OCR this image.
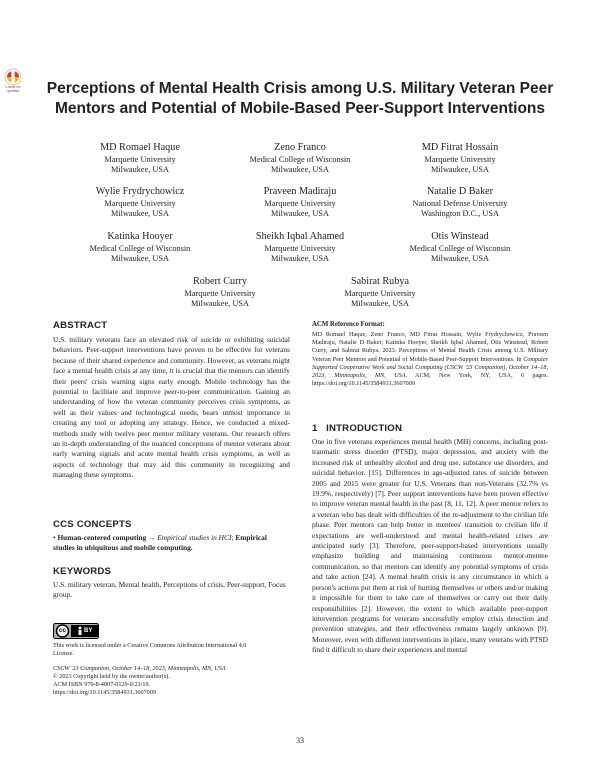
Check for updates	Perceptions of Mental Health Crisis among U.S. Military Veteran Peer Mentors and Potential of Mobile-Based Peer-Support Interventions
MD Romael Haque
Marquette University
Milwaukee, USA
Zeno Franco
Medical College of Wisconsin
Milwaukee, USA
MD Fitrat Hossain
Marquette University
Milwaukee, USA
Wylie Frydrychowicz
Marquette University
Milwaukee, USA
Praveen Madiraju
Marquette University
Milwaukee, USA
Natalie D Baker
National Defense University
Washington D.C., USA
Katinka Hooyer
Medical College of Wisconsin
Milwaukee, USA
Sheikh Iqbal Ahamed
Marquette University
Milwaukee, USA
Otis Winstead
Medical College of Wisconsin
Milwaukee, USA
Robert Curry
Marquette University
Milwaukee, USA
Sabirat Rubya
Marquette University
Milwaukee, USA
ABSTRACT
U.S. military veterans face an elevated risk of suicide or exhibiting suicidal behaviors. Peer-support interventions have proven to be effective for veterans because of their shared experience and community. However, as veterans might face a mental health crisis at any time, it is crucial that the mentors can identify their peers' crisis warning signs early enough. Mobile technology has the potential to facilitate and improve peer-to-peer communication. Gaining an understanding of how the veteran community perceives crisis symptoms, as well as their values and technological needs, bears utmost importance in creating any tool or adopting any strategy. Hence, we conducted a mixed-methods study with twelve peer mentor military veterans. Our research offers an in-depth understanding of the nuanced conceptions of mentor veterans about early warning signals and acute mental health crisis symptoms, as well as aspects of technology that may aid this community in recognizing and managing these symptoms.
CCS CONCEPTS
• Human-centered computing → Empirical studies in HCI; Empirical studies in ubiquitous and mobile computing.
KEYWORDS
U.S. military veteran, Mental health, Perceptions of crisis, Peer-support, Focus group.
cc	BY
This work is licensed under a Creative Commons Attribution International 4.0 License.
CSCW '23 Companion, October 14–18, 2023, Minneapolis, MN, USA
© 2023 Copyright held by the owner/author(s).
ACM ISBN 979-8-4007-0129-0/23/10.
https://doi.org/10.1145/3584931.3607009
ACM Reference Format:
MD Romael Haque, Zeno Franco, MD Fitrat Hossain, Wylie Frydrychowicz, Praveen Madiraju, Natalie D Baker, Katinka Hooyer, Sheikh Iqbal Ahamed, Otis Winstead, Robert Curry, and Sabirat Rubya. 2023. Perceptions of Mental Health Crisis among U.S. Military Veteran Peer Mentors and Potential of Mobile-Based Peer-Support Interventions. In Computer Supported Cooperative Work and Social Computing (CSCW '23 Companion), October 14–18, 2023, Minneapolis, MN, USA. ACM, New York, NY, USA, 6 pages. https://doi.org/10.1145/3584931.3607009
1   INTRODUCTION
One in five veterans experiences mental health (MH) concerns, including post-traumatic stress disorder (PTSD), major depression, and anxiety with the increased risk of unhealthy alcohol and drug use, substance use disorders, and suicidal behavior. [15]. Differences in age-adjusted rates of suicide between 2005 and 2015 were greater for U.S. Veterans than non-Veterans (32.7% vs 19.9%, respectively) [7]. Peer support interventions have been proven effective to improve veteran mental health in the past [8, 11, 12]. A peer mentor refers to a veteran who has dealt with difficulties of the re-adjustment to the civilian life phase. Peer mentors can help better in mentees' transition to civilian life if expectations are well-understood and mental health-related crises are anticipated early [3]. Therefore, peer-support-based interventions usually emphasize building and maintaining continuous mentor-mentee communication, so that mentors can identify any potential symptoms of crisis and take action [24]. A mental health crisis is any circumstance in which a person's actions put them at risk of hurting themselves or others and/or making it impossible for them to take care of themselves or carry out their daily responsibilities [2]. However, the extent to which available peer-support intervention programs for veterans successfully employ crisis detection and prevention strategies, and their effectiveness remains largely unknown [9]. Moreover, even with different interventions in place, many veterans with PTSD find it difficult to share their experiences and mental
33
